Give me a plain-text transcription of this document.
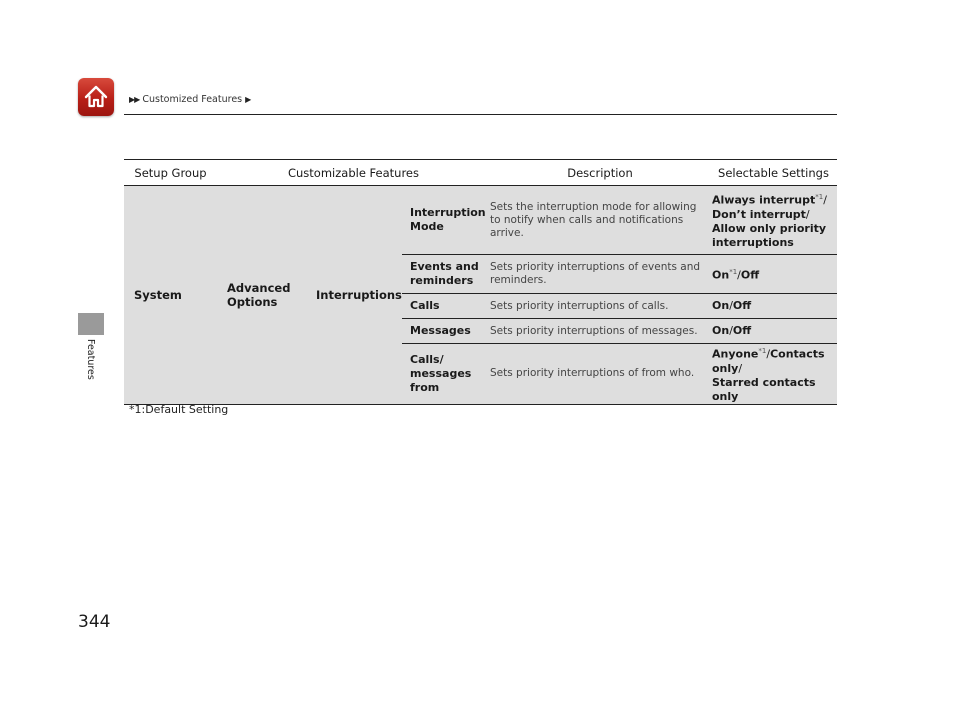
▶▶ Customized Features ▶
Features
Setup Group	Customizable Features			Description	Selectable Settings
System	Advanced Options	Interruptions	Interruption Mode	Sets the interruption mode for allowing to notify when calls and notifications arrive.	Always interrupt$^{*1}$/
Don’t interrupt/
Allow only priority interruptions
			Events and reminders	Sets priority interruptions of events and reminders.	On$^{*1}$/Off
			Calls	Sets priority interruptions of calls.	On/Off
			Messages	Sets priority interruptions of messages.	On/Off
			Calls/ messages from	Sets priority interruptions of from who.	Anyone$^{*1}$/Contacts only/
Starred contacts only
*1:Default Setting
344
